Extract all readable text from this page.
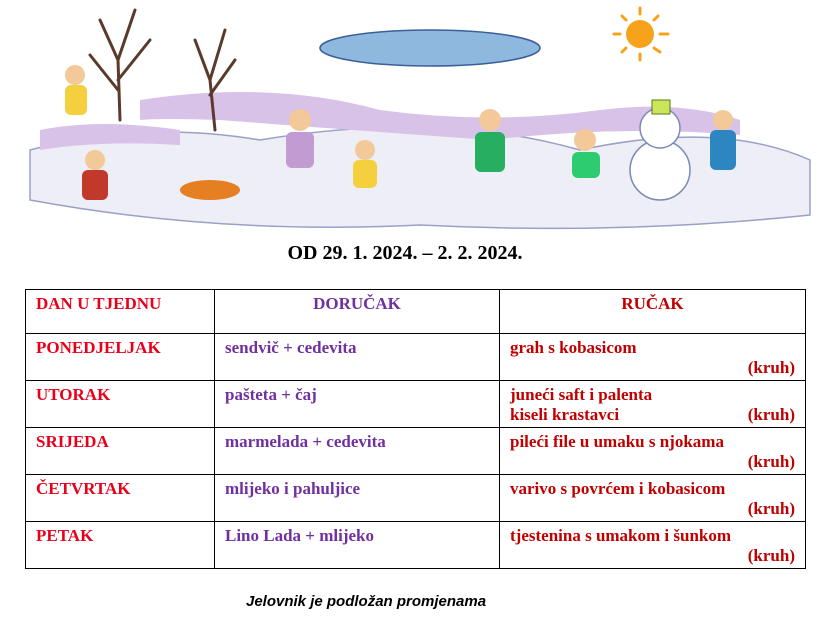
OD 29. 1. 2024. – 2. 2. 2024.
DAN U TJEDNU	DORUČAK	RUČAK
PONEDJELJAK	sendvič + cedevita	grah s kobasicom
(kruh)

UTORAK	pašteta + čaj	juneći saft i palenta
kiseli krastavci (kruh)

SRIJEDA	marmelada + cedevita	pileći file u umaku s njokama
(kruh)

ČETVRTAK	mlijeko i pahuljice	varivo s povrćem i kobasicom
(kruh)

PETAK	Lino Lada + mlijeko	tjestenina s umakom i šunkom
(kruh)
Jelovnik je podložan promjenama
